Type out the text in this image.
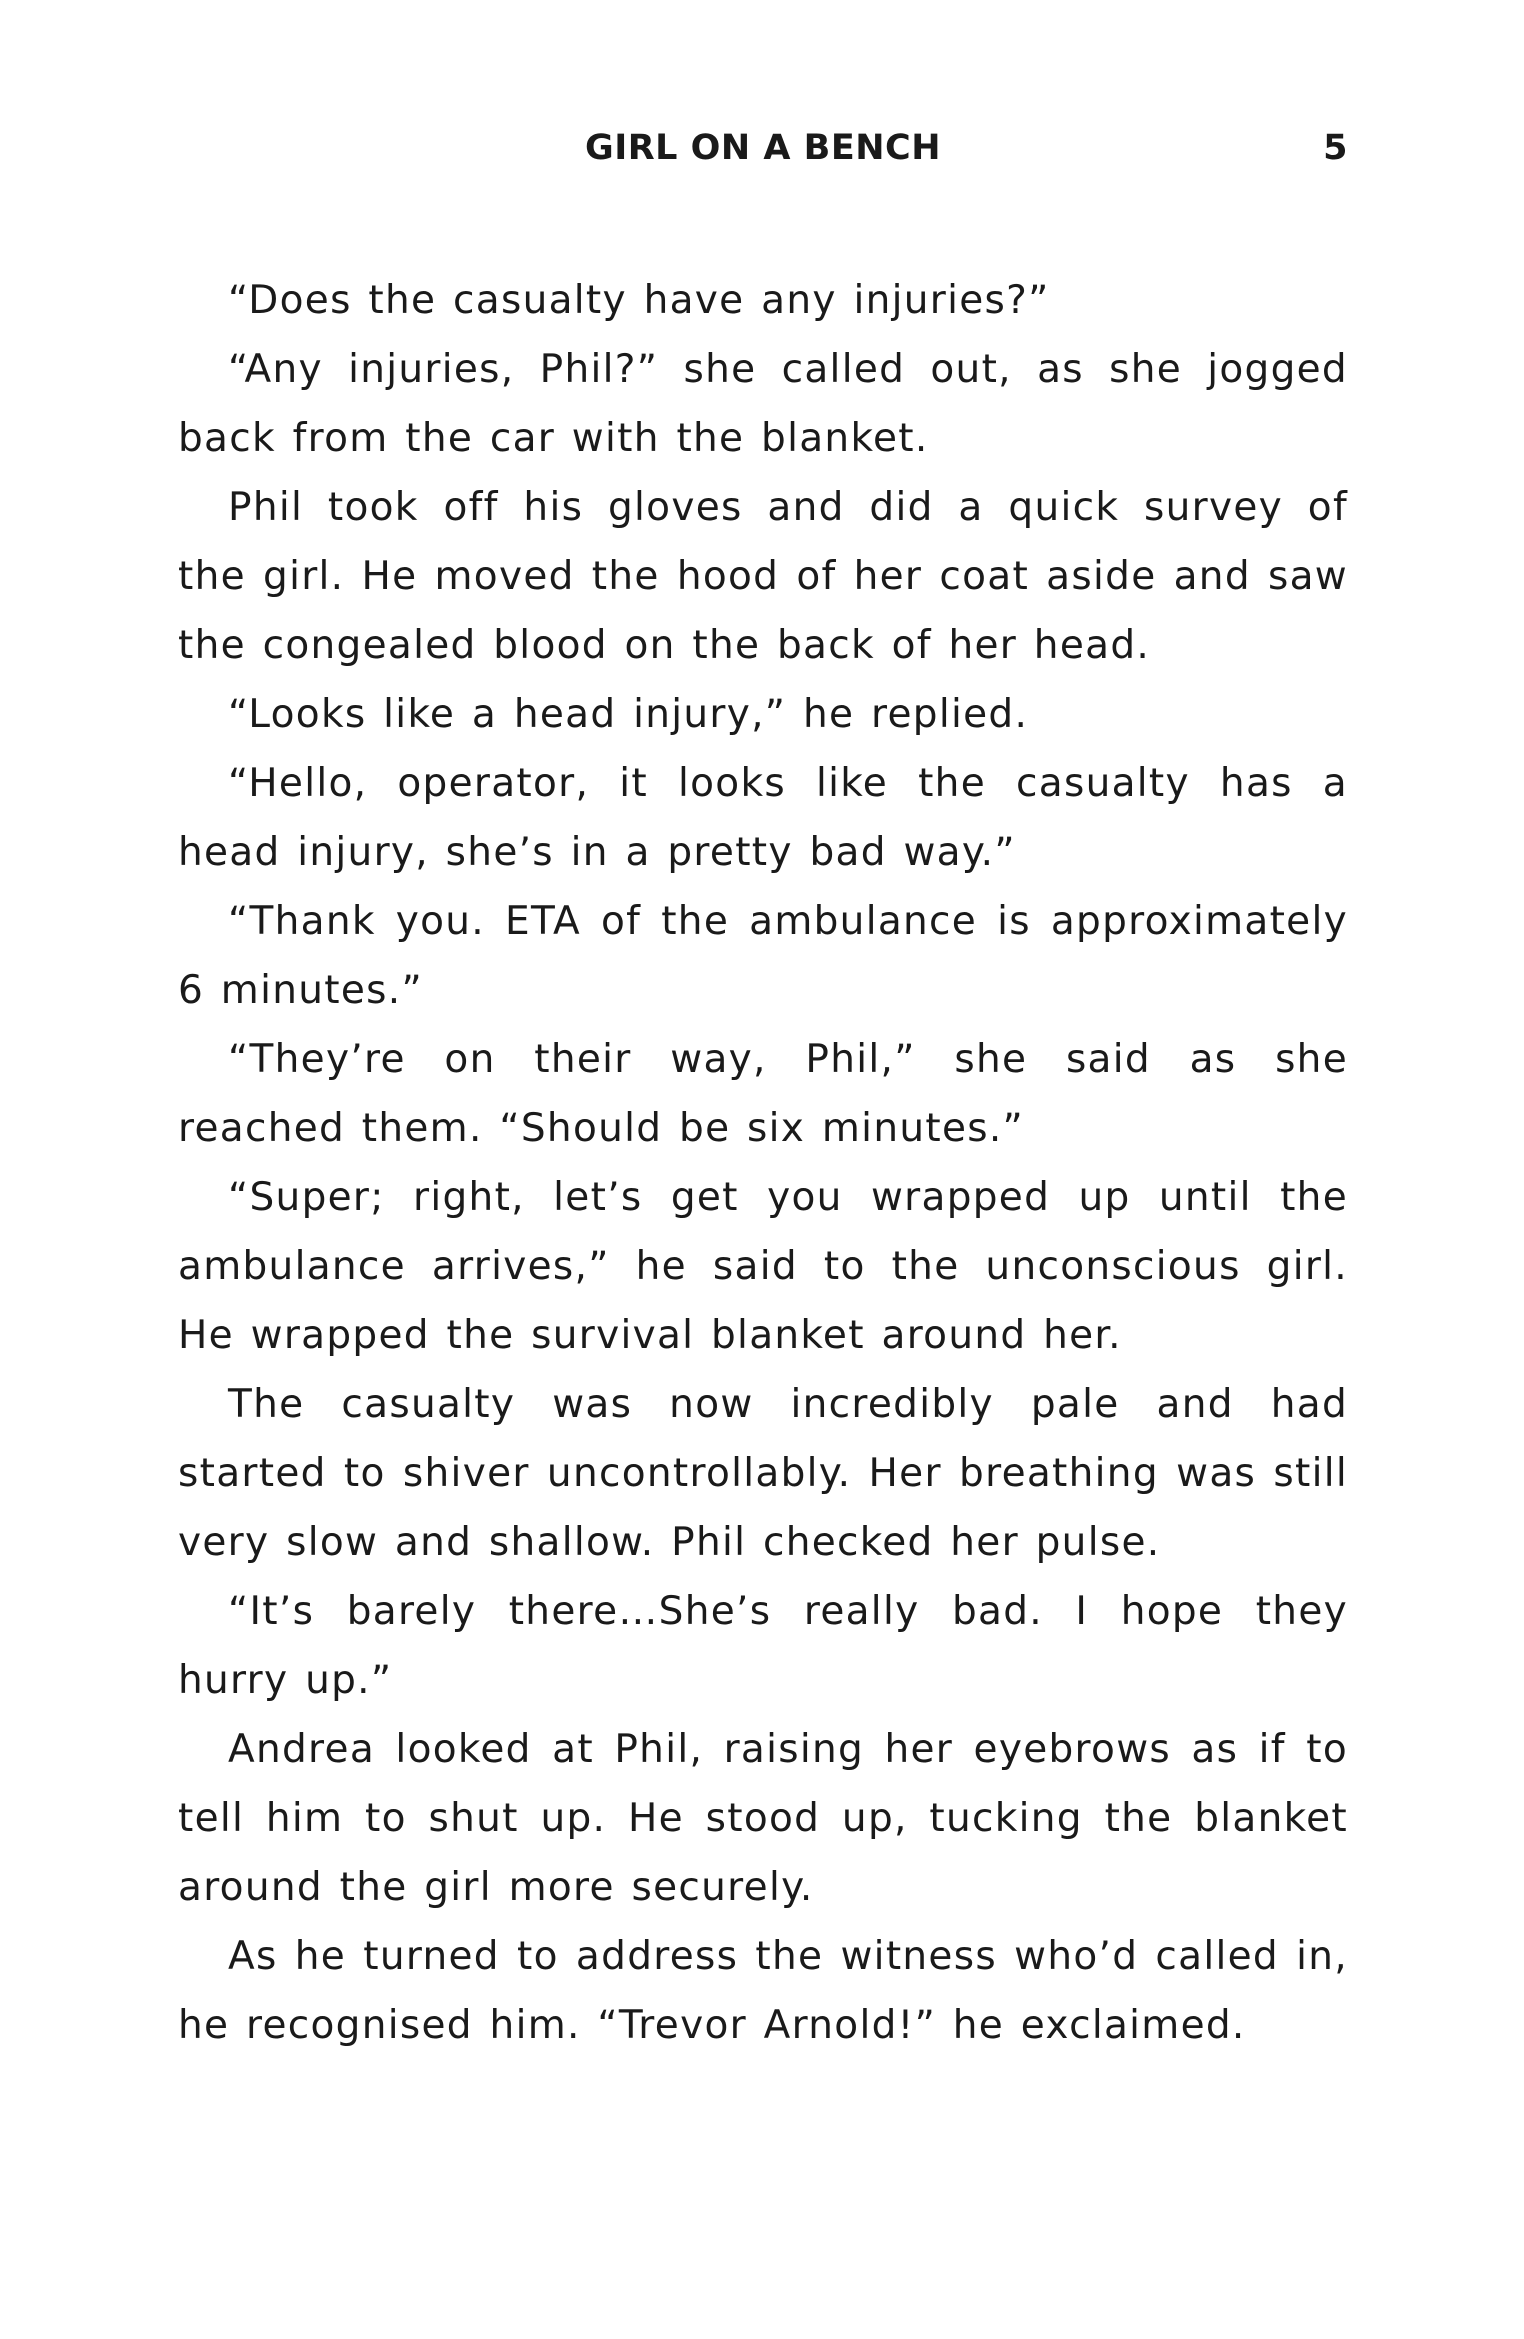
GIRL ON A BENCH	5

“Does the casualty have any injuries?”

“Any injuries, Phil?” she called out, as she jogged back from the car with the blanket.

Phil took off his gloves and did a quick survey of the girl. He moved the hood of her coat aside and saw the congealed blood on the back of her head.

“Looks like a head injury,” he replied.

“Hello, operator, it looks like the casualty has a head injury, she’s in a pretty bad way.”

“Thank you. ETA of the ambulance is approximately 6 minutes.”

“They’re on their way, Phil,” she said as she reached them. “Should be six minutes.”

“Super; right, let’s get you wrapped up until the ambulance arrives,” he said to the unconscious girl. He wrapped the survival blanket around her.

The casualty was now incredibly pale and had started to shiver uncontrollably. Her breathing was still very slow and shallow. Phil checked her pulse.

“It’s barely there…She’s really bad. I hope they hurry up.”

Andrea looked at Phil, raising her eyebrows as if to tell him to shut up. He stood up, tucking the blanket around the girl more securely.

As he turned to address the witness who’d called in, he recognised him. “Trevor Arnold!” he exclaimed.
